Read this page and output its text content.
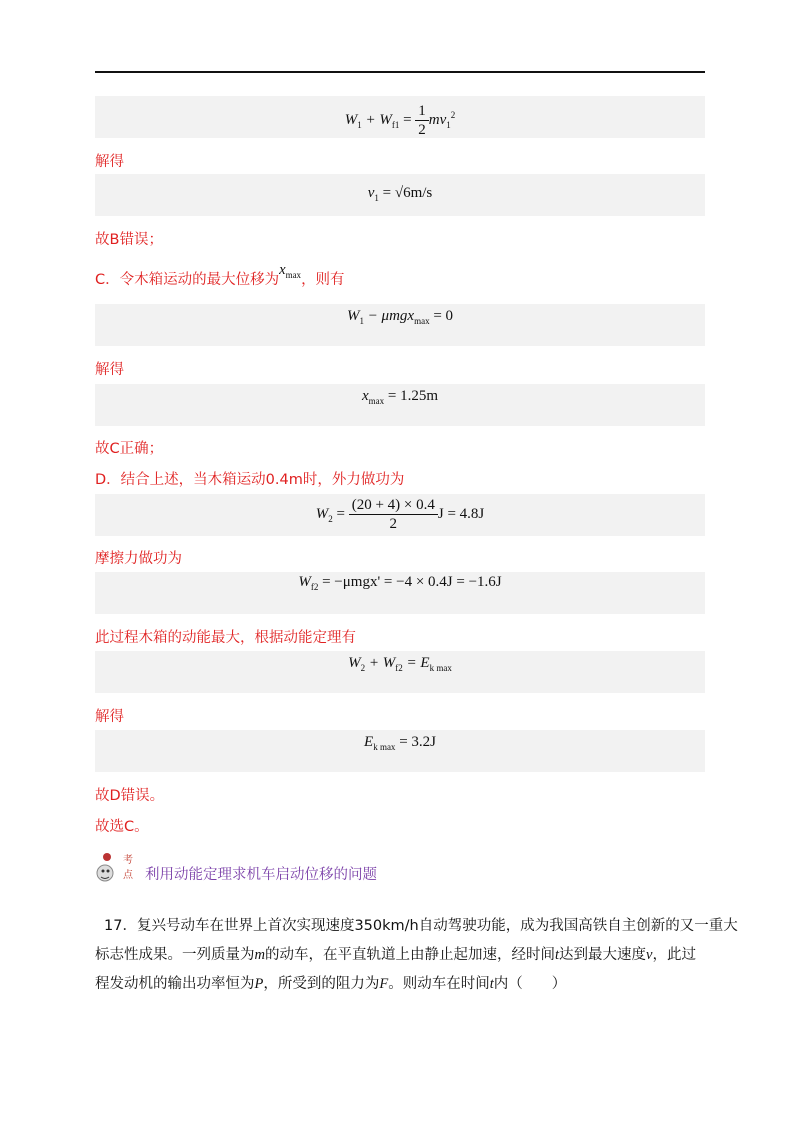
$W_1 + W_{f1} = \frac{1}{2} mv_1^2$
解得
$v_1 = √6m/s$
故B错误；
C．令木箱运动的最大位移为$x_{max}$，则有
$W_1 - \mu mgx_{max} = 0$
解得
$x_{max} = 1.25m$
故C正确；
D．结合上述，当木箱运动0.4m时，外力做功为
$W_2 = \frac{(20 + 4) \times 0.4}{2}$ J = 4.8J
摩擦力做功为
$W_{f2} = -\mu mgx' = -4 \times 0.4J = -1.6J$
此过程木箱的动能最大，根据动能定理有
$W_2 + W_{f2} = E_{k max}$
解得
$E_{k max} = 3.2J$
故D错误。
故选C。
考
点 利用动能定理求机车启动位移的问题
17．复兴号动车在世界上首次实现速度350km/h自动驾驶功能，成为我国高铁自主创新的又一重大
标志性成果。一列质量为m的动车，在平直轨道上由静止起加速，经时间t达到最大速度v，此过
程发动机的输出功率恒为P，所受到的阻力为F。则动车在时间t内（　　）
